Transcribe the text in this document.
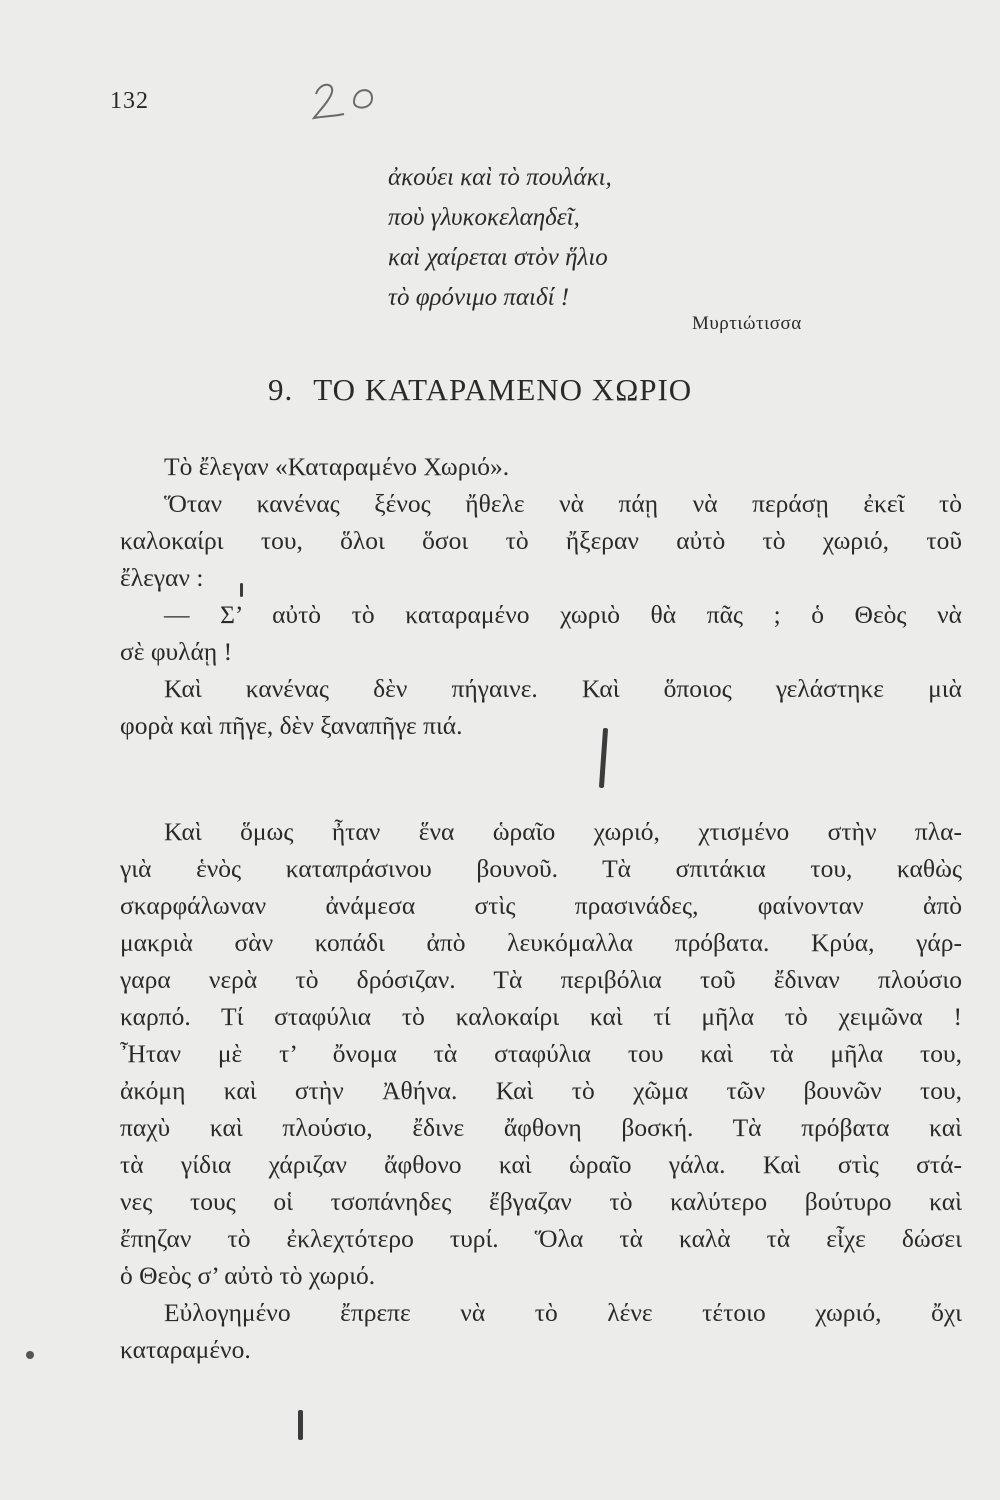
132
ἀκούει καὶ τὸ πουλάκι,
ποὺ γλυκοκελαηδεῖ,
καὶ χαίρεται στὸν ἥλιο
τὸ φρόνιμο παιδί !
Μυρτιώτισσα
9. ΤΟ ΚΑΤΑΡΑΜΕΝΟ ΧΩΡΙΟ
Τὸ ἔλεγαν «Καταραμένο Χωριό».
Ὅταν κανένας ξένος ἤθελε νὰ πάῃ νὰ περάσῃ ἐκεῖ τὸ
καλοκαίρι του, ὅλοι ὅσοι τὸ ἤξεραν αὐτὸ τὸ χωριό, τοῦ
ἔλεγαν :
— Σ’ αὐτὸ τὸ καταραμένο χωριὸ θὰ πᾶς ; ὁ Θεὸς νὰ
σὲ φυλάῃ !
Καὶ κανένας δὲν πήγαινε. Καὶ ὅποιος γελάστηκε μιὰ
φορὰ καὶ πῆγε, δὲν ξαναπῆγε πιά.
Καὶ ὅμως ἦταν ἕνα ὡραῖο χωριό, χτισμένο στὴν πλα-
γιὰ ἑνὸς καταπράσινου βουνοῦ. Τὰ σπιτάκια του, καθὼς
σκαρφάλωναν ἀνάμεσα στὶς πρασινάδες, φαίνονταν ἀπὸ
μακριὰ σὰν κοπάδι ἀπὸ λευκόμαλλα πρόβατα. Κρύα, γάρ-
γαρα νερὰ τὸ δρόσιζαν. Τὰ περιβόλια τοῦ ἔδιναν πλούσιο
καρπό. Τί σταφύλια τὸ καλοκαίρι καὶ τί μῆλα τὸ χειμῶνα !
Ἦταν μὲ τ’ ὄνομα τὰ σταφύλια του καὶ τὰ μῆλα του,
ἀκόμη καὶ στὴν Ἀθήνα. Καὶ τὸ χῶμα τῶν βουνῶν του,
παχὺ καὶ πλούσιο, ἔδινε ἄφθονη βοσκή. Τὰ πρόβατα καὶ
τὰ γίδια χάριζαν ἄφθονο καὶ ὡραῖο γάλα. Καὶ στὶς στά-
νες τους οἱ τσοπάνηδες ἔβγαζαν τὸ καλύτερο βούτυρο καὶ
ἔπηζαν τὸ ἐκλεχτότερο τυρί. Ὅλα τὰ καλὰ τὰ εἶχε δώσει
ὁ Θεὸς σ’ αὐτὸ τὸ χωριό.
Εὐλογημένο ἔπρεπε νὰ τὸ λένε τέτοιο χωριό, ὄχι
καταραμένο.
